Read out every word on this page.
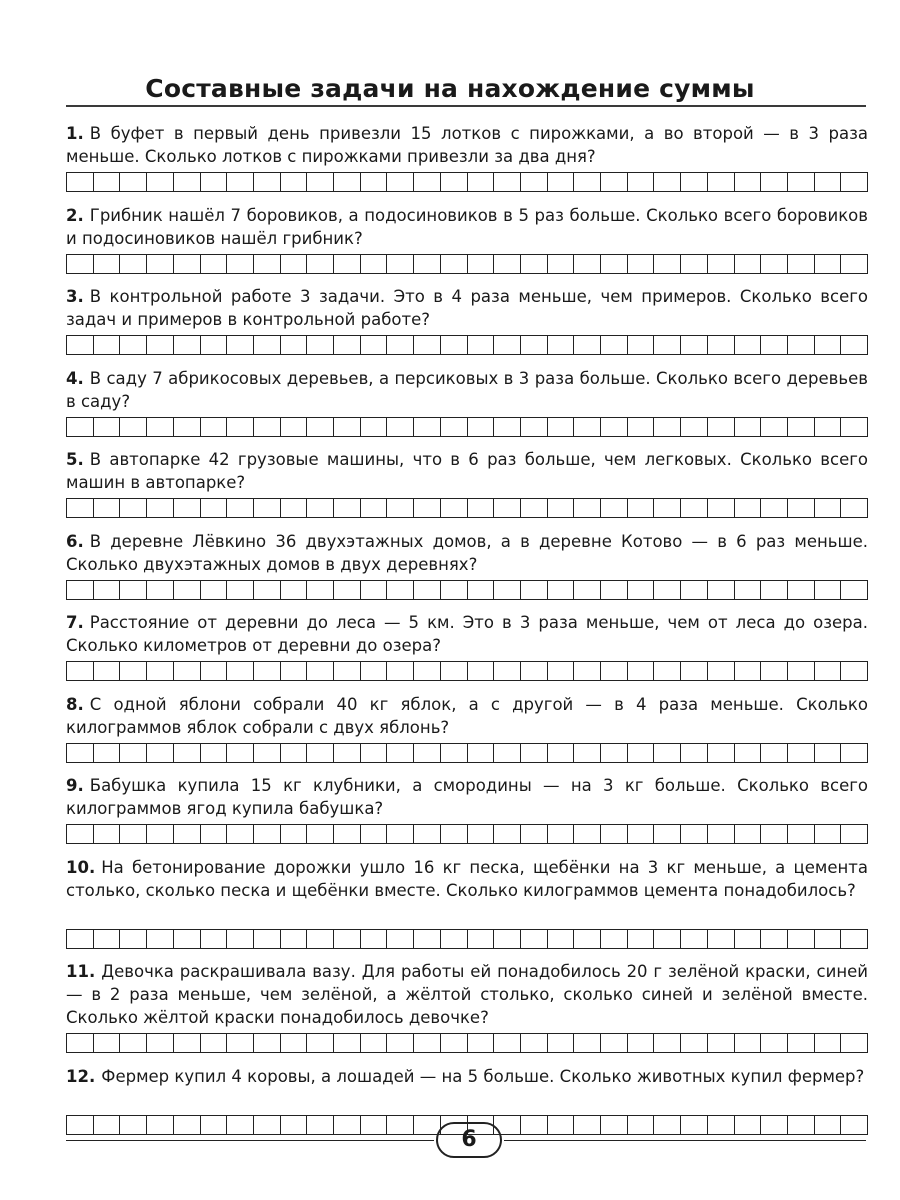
Составные задачи на нахождение суммы

1. В буфет в первый день привезли 15 лотков с пирожками, а во второй — в 3 раза меньше. Сколько лотков с пирожками привезли за два дня?

2. Грибник нашёл 7 боровиков, а подосиновиков в 5 раз больше. Сколько всего боровиков и подосиновиков нашёл грибник?

3. В контрольной работе 3 задачи. Это в 4 раза меньше, чем примеров. Сколько всего задач и примеров в контрольной работе?

4. В саду 7 абрикосовых деревьев, а персиковых в 3 раза больше. Сколько всего деревьев в саду?

5. В автопарке 42 грузовые машины, что в 6 раз больше, чем легковых. Сколько всего машин в автопарке?

6. В деревне Лёвкино 36 двухэтажных домов, а в деревне Котово — в 6 раз меньше. Сколько двухэтажных домов в двух деревнях?

7. Расстояние от деревни до леса — 5 км. Это в 3 раза меньше, чем от леса до озера. Сколько километров от деревни до озера?

8. С одной яблони собрали 40 кг яблок, а с другой — в 4 раза меньше. Сколько килограммов яблок собрали с двух яблонь?

9. Бабушка купила 15 кг клубники, а смородины — на 3 кг больше. Сколько всего килограммов ягод купила бабушка?

10. На бетонирование дорожки ушло 16 кг песка, щебёнки на 3 кг меньше, а цемента столько, сколько песка и щебёнки вместе. Сколько килограммов цемента понадобилось?

11. Девочка раскрашивала вазу. Для работы ей понадобилось 20 г зелёной краски, синей — в 2 раза меньше, чем зелёной, а жёлтой столько, сколько синей и зелёной вместе. Сколько жёлтой краски понадобилось девочке?

12. Фермер купил 4 коровы, а лошадей — на 5 больше. Сколько животных купил фермер?

6
